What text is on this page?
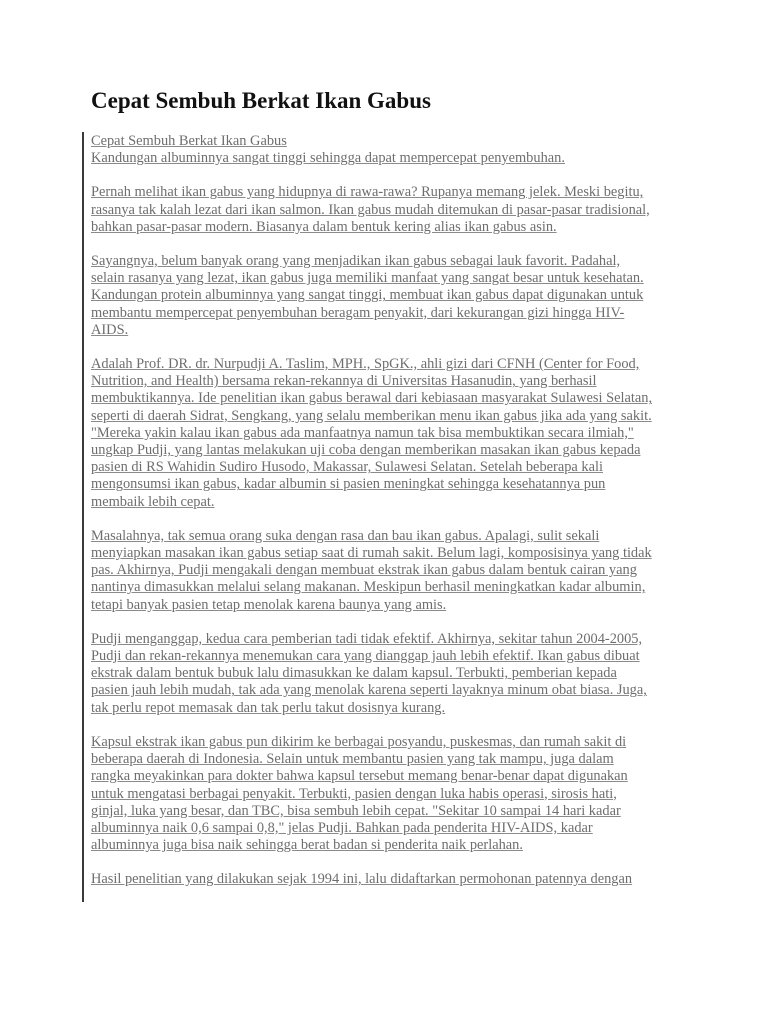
Cepat Sembuh Berkat Ikan Gabus

Cepat Sembuh Berkat Ikan Gabus
Kandungan albuminnya sangat tinggi sehingga dapat mempercepat penyembuhan.

Pernah melihat ikan gabus yang hidupnya di rawa-rawa? Rupanya memang jelek. Meski begitu,
rasanya tak kalah lezat dari ikan salmon. Ikan gabus mudah ditemukan di pasar-pasar tradisional,
bahkan pasar-pasar modern. Biasanya dalam bentuk kering alias ikan gabus asin.

Sayangnya, belum banyak orang yang menjadikan ikan gabus sebagai lauk favorit. Padahal,
selain rasanya yang lezat, ikan gabus juga memiliki manfaat yang sangat besar untuk kesehatan.
Kandungan protein albuminnya yang sangat tinggi, membuat ikan gabus dapat digunakan untuk
membantu mempercepat penyembuhan beragam penyakit, dari kekurangan gizi hingga HIV-
AIDS.

Adalah Prof. DR. dr. Nurpudji A. Taslim, MPH., SpGK., ahli gizi dari CFNH (Center for Food,
Nutrition, and Health) bersama rekan-rekannya di Universitas Hasanudin, yang berhasil
membuktikannya. Ide penelitian ikan gabus berawal dari kebiasaan masyarakat Sulawesi Selatan,
seperti di daerah Sidrat, Sengkang, yang selalu memberikan menu ikan gabus jika ada yang sakit.
"Mereka yakin kalau ikan gabus ada manfaatnya namun tak bisa membuktikan secara ilmiah,"
ungkap Pudji, yang lantas melakukan uji coba dengan memberikan masakan ikan gabus kepada
pasien di RS Wahidin Sudiro Husodo, Makassar, Sulawesi Selatan. Setelah beberapa kali
mengonsumsi ikan gabus, kadar albumin si pasien meningkat sehingga kesehatannya pun
membaik lebih cepat.

Masalahnya, tak semua orang suka dengan rasa dan bau ikan gabus. Apalagi, sulit sekali
menyiapkan masakan ikan gabus setiap saat di rumah sakit. Belum lagi, komposisinya yang tidak
pas. Akhirnya, Pudji mengakali dengan membuat ekstrak ikan gabus dalam bentuk cairan yang
nantinya dimasukkan melalui selang makanan. Meskipun berhasil meningkatkan kadar albumin,
tetapi banyak pasien tetap menolak karena baunya yang amis.

Pudji menganggap, kedua cara pemberian tadi tidak efektif. Akhirnya, sekitar tahun 2004-2005,
Pudji dan rekan-rekannya menemukan cara yang dianggap jauh lebih efektif. Ikan gabus dibuat
ekstrak dalam bentuk bubuk lalu dimasukkan ke dalam kapsul. Terbukti, pemberian kepada
pasien jauh lebih mudah, tak ada yang menolak karena seperti layaknya minum obat biasa. Juga,
tak perlu repot memasak dan tak perlu takut dosisnya kurang.

Kapsul ekstrak ikan gabus pun dikirim ke berbagai posyandu, puskesmas, dan rumah sakit di
beberapa daerah di Indonesia. Selain untuk membantu pasien yang tak mampu, juga dalam
rangka meyakinkan para dokter bahwa kapsul tersebut memang benar-benar dapat digunakan
untuk mengatasi berbagai penyakit. Terbukti, pasien dengan luka habis operasi, sirosis hati,
ginjal, luka yang besar, dan TBC, bisa sembuh lebih cepat. "Sekitar 10 sampai 14 hari kadar
albuminnya naik 0,6 sampai 0,8," jelas Pudji. Bahkan pada penderita HIV-AIDS, kadar
albuminnya juga bisa naik sehingga berat badan si penderita naik perlahan.

Hasil penelitian yang dilakukan sejak 1994 ini, lalu didaftarkan permohonan patennya dengan
